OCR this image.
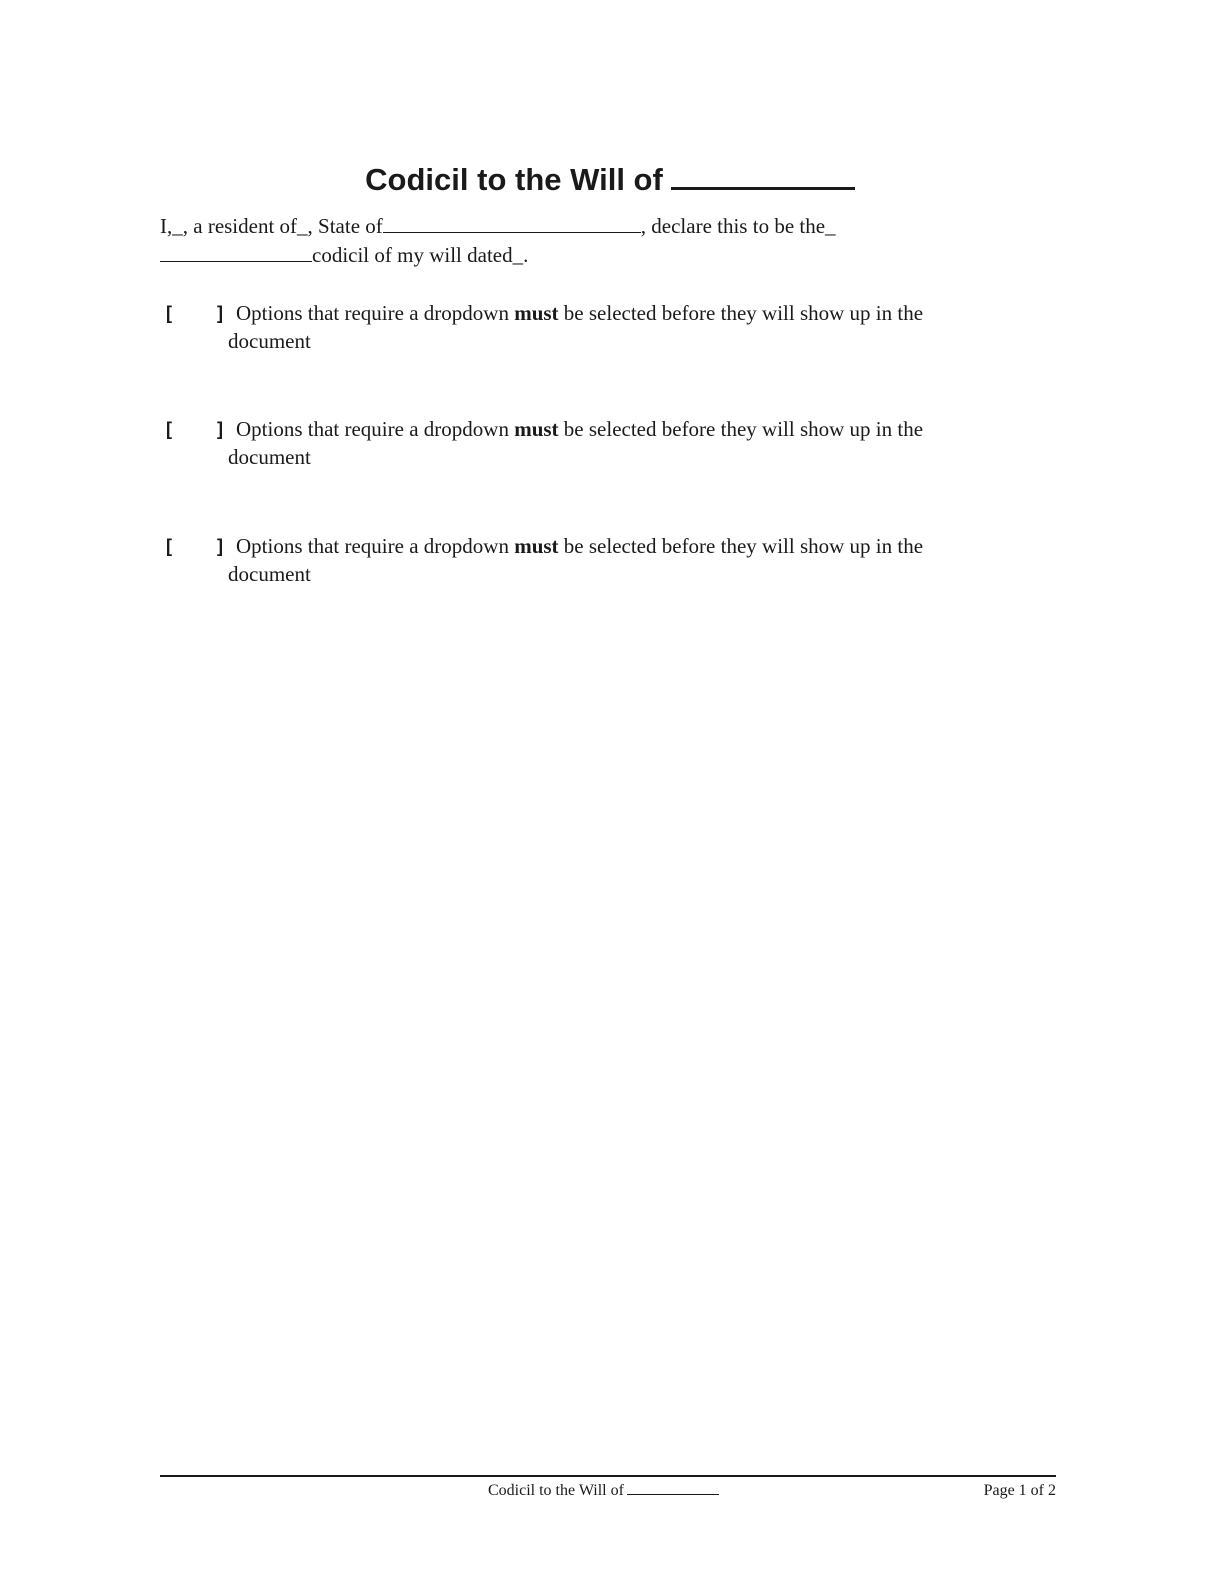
Codicil to the Will of
I,_, a resident of_, State of	, declare this to be the_
codicil of my will dated_.
[	] Options that require a dropdown must be selected before they will show up in the
document
[	] Options that require a dropdown must be selected before they will show up in the
document
[	] Options that require a dropdown must be selected before they will show up in the
document
Codicil to the Will of	Page 1 of 2
